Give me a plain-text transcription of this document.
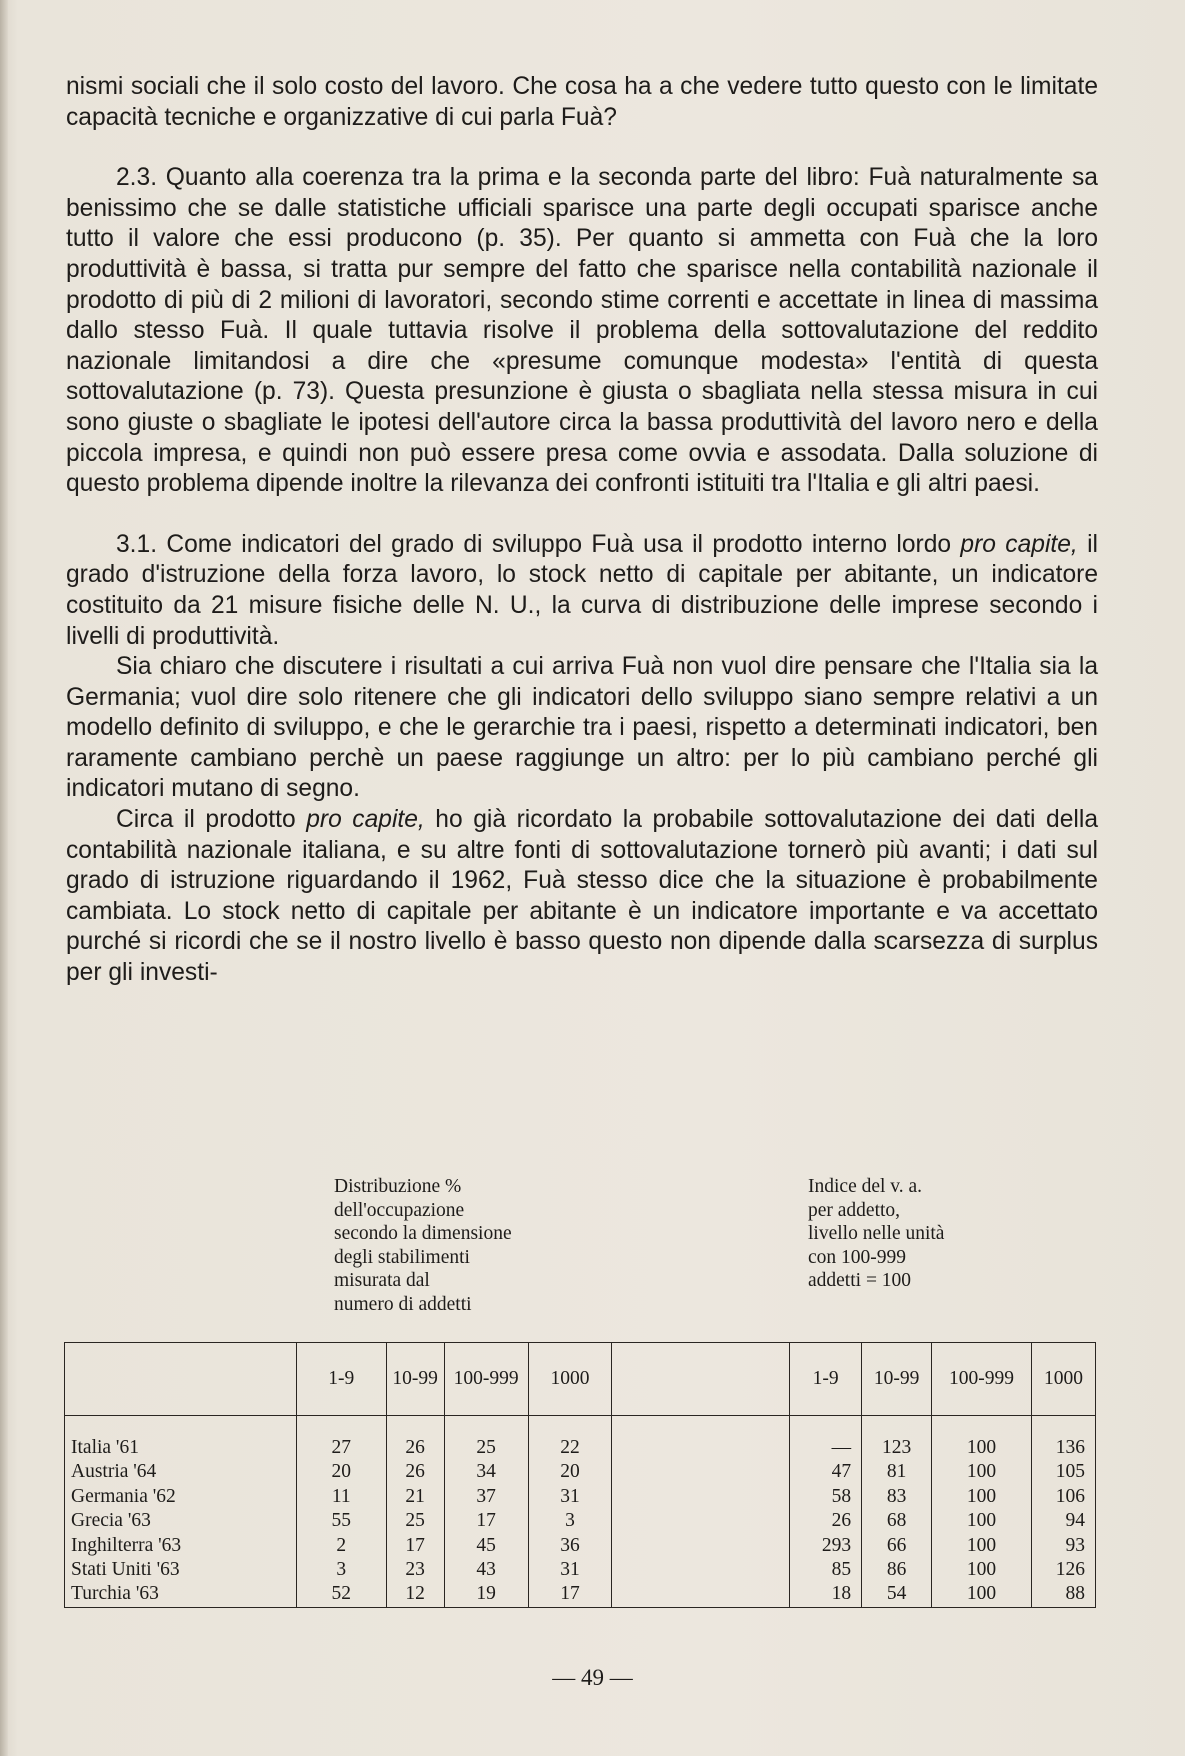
nismi sociali che il solo costo del lavoro. Che cosa ha a che vedere tutto questo con le limitate capacità tecniche e organizzative di cui parla Fuà?

2.3. Quanto alla coerenza tra la prima e la seconda parte del libro: Fuà naturalmente sa benissimo che se dalle statistiche ufficiali sparisce una parte degli occupati sparisce anche tutto il valore che essi producono (p. 35). Per quanto si ammetta con Fuà che la loro produttività è bassa, si tratta pur sempre del fatto che sparisce nella contabilità nazionale il prodotto di più di 2 milioni di lavoratori, secondo stime correnti e accettate in linea di massima dallo stesso Fuà. Il quale tuttavia risolve il problema della sottovalutazione del reddito nazionale limitandosi a dire che «presume comunque modesta» l'entità di questa sottovalutazione (p. 73). Questa presunzione è giusta o sbagliata nella stessa misura in cui sono giuste o sbagliate le ipotesi dell'autore circa la bassa produttività del lavoro nero e della piccola impresa, e quindi non può essere presa come ovvia e assodata. Dalla soluzione di questo problema dipende inoltre la rilevanza dei confronti istituiti tra l'Italia e gli altri paesi.

3.1. Come indicatori del grado di sviluppo Fuà usa il prodotto interno lordo pro capite, il grado d'istruzione della forza lavoro, lo stock netto di capitale per abitante, un indicatore costituito da 21 misure fisiche delle N. U., la curva di distribuzione delle imprese secondo i livelli di produttività.

Sia chiaro che discutere i risultati a cui arriva Fuà non vuol dire pensare che l'Italia sia la Germania; vuol dire solo ritenere che gli indicatori dello sviluppo siano sempre relativi a un modello definito di sviluppo, e che le gerarchie tra i paesi, rispetto a determinati indicatori, ben raramente cambiano perchè un paese raggiunge un altro: per lo più cambiano perché gli indicatori mutano di segno.

Circa il prodotto pro capite, ho già ricordato la probabile sottovalutazione dei dati della contabilità nazionale italiana, e su altre fonti di sottovalutazione tornerò più avanti; i dati sul grado di istruzione riguardando il 1962, Fuà stesso dice che la situazione è probabilmente cambiata. Lo stock netto di capitale per abitante è un indicatore importante e va accettato purché si ricordi che se il nostro livello è basso questo non dipende dalla scarsezza di surplus per gli investi-

Distribuzione %
dell'occupazione
secondo la dimensione
degli stabilimenti
misurata dal
numero di addetti
Indice del v. a.
per addetto,
livello nelle unità
con 100-999
addetti = 100
	1-9	10-99	100-999	1000		1-9	10-99	100-999	1000

Italia '61	27	26	25	22		—	123	100	136
Austria '64	20	26	34	20		47	81	100	105
Germania '62	11	21	37	31		58	83	100	106
Grecia '63	55	25	17	3		26	68	100	94
Inghilterra '63	2	17	45	36		293	66	100	93
Stati Uniti '63	3	23	43	31		85	86	100	126
Turchia '63	52	12	19	17		18	54	100	88
— 49 —
